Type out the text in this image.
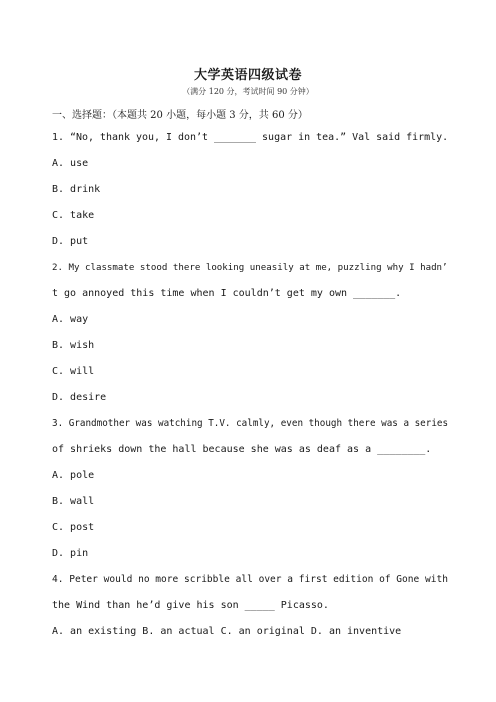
大学英语四级试卷
（满分 120 分，考试时间 90 分钟）
一、选择题：（本题共 20 小题，每小题 3 分，共 60 分）
1. “No, thank you, I don’t _______ sugar in tea.” Val said firmly.
A. use
B. drink
C. take
D. put
2. My classmate stood there looking uneasily at me, puzzling why I hadn’
t go annoyed this time when I couldn’t get my own _______.
A. way
B. wish
C. will
D. desire
3. Grandmother was watching T.V. calmly, even though there was a series
of shrieks down the hall because she was as deaf as a ________.
A. pole
B. wall
C. post
D. pin
4. Peter would no more scribble all over a first edition of Gone with
the Wind than he’d give his son _____ Picasso.
A. an existing B. an actual C. an original D. an inventive
